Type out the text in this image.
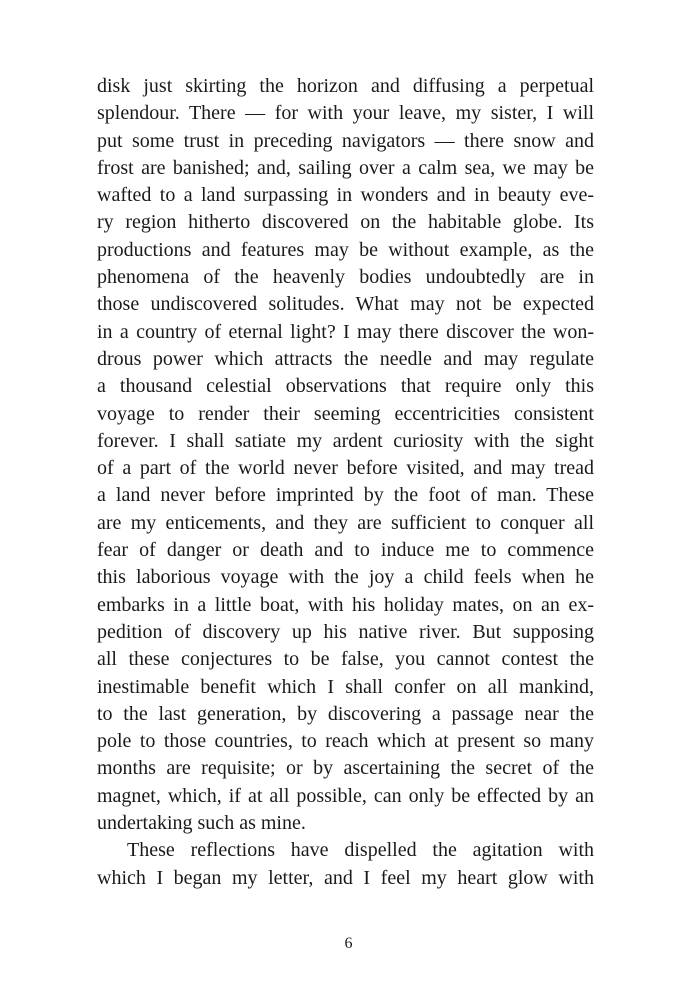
disk just skirting the horizon and diffusing a perpetual
splendour. There — for with your leave, my sister, I will
put some trust in preceding navigators — there snow and
frost are banished; and, sailing over a calm sea, we may be
wafted to a land surpassing in wonders and in beauty eve-
ry region hitherto discovered on the habitable globe. Its
productions and features may be without example, as the
phenomena of the heavenly bodies undoubtedly are in
those undiscovered solitudes. What may not be expected
in a country of eternal light? I may there discover the won-
drous power which attracts the needle and may regulate
a thousand celestial observations that require only this
voyage to render their seeming eccentricities consistent
forever. I shall satiate my ardent curiosity with the sight
of a part of the world never before visited, and may tread
a land never before imprinted by the foot of man. These
are my enticements, and they are sufficient to conquer all
fear of danger or death and to induce me to commence
this laborious voyage with the joy a child feels when he
embarks in a little boat, with his holiday mates, on an ex-
pedition of discovery up his native river. But supposing
all these conjectures to be false, you cannot contest the
inestimable benefit which I shall confer on all mankind,
to the last generation, by discovering a passage near the
pole to those countries, to reach which at present so many
months are requisite; or by ascertaining the secret of the
magnet, which, if at all possible, can only be effected by an
undertaking such as mine.
These reflections have dispelled the agitation with
which I began my letter, and I feel my heart glow with
6
